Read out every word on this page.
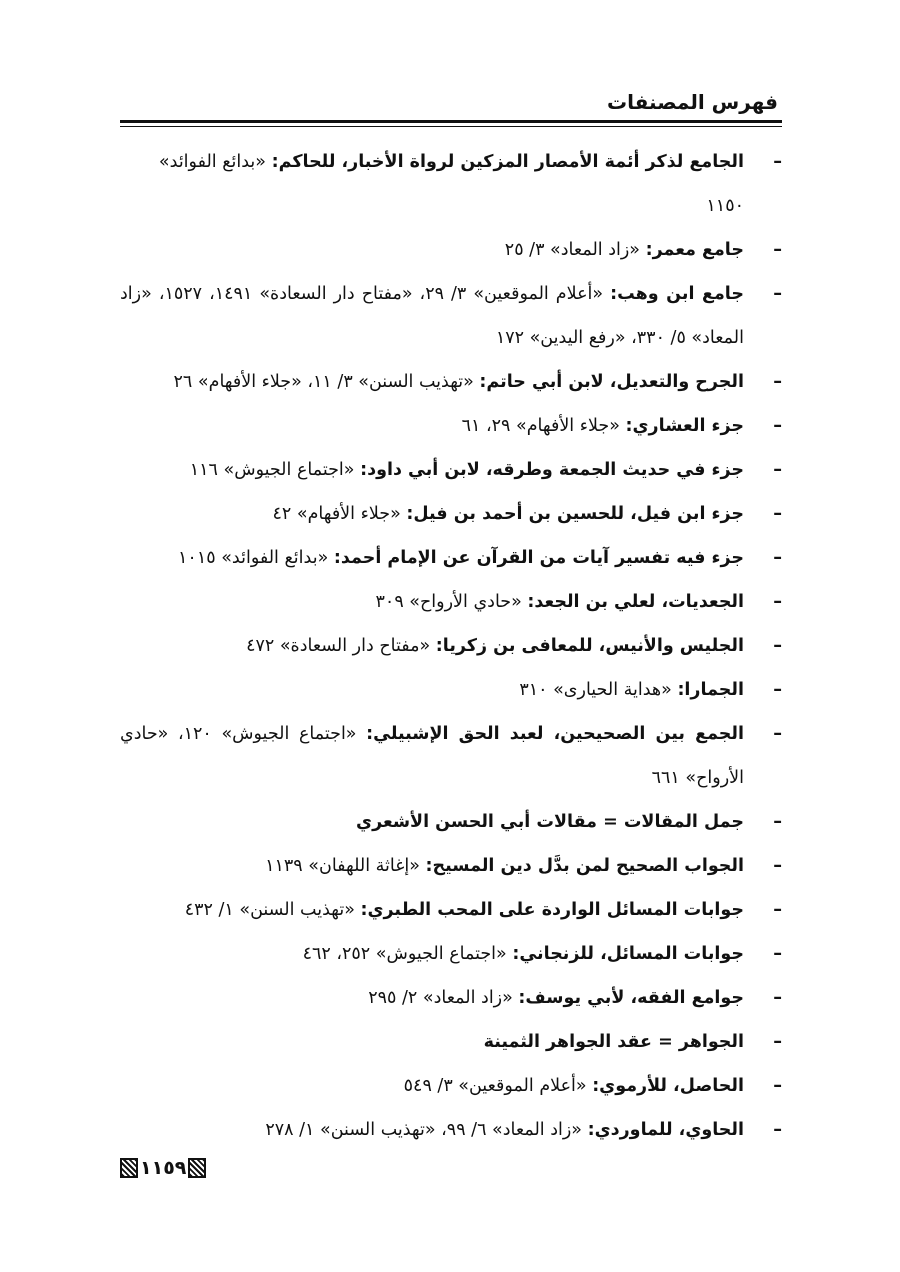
فهرس المصنفات
–
الجامع لذكر أئمة الأمصار المزكين لرواة الأخبار، للحاكم: «بدائع الفوائد» ١١٥٠
–
جامع معمر: «زاد المعاد» ٣/ ٢٥
–
جامع ابن وهب: «أعلام الموقعين» ٣/ ٢٩، «مفتاح دار السعادة» ١٤٩١، ١٥٢٧، «زاد المعاد» ٥/ ٣٣٠، «رفع اليدين» ١٧٢
–
الجرح والتعديل، لابن أبي حاتم: «تهذيب السنن» ٣/ ١١، «جلاء الأفهام» ٢٦
–
جزء العشاري: «جلاء الأفهام» ٢٩، ٦١
–
جزء في حديث الجمعة وطرقه، لابن أبي داود: «اجتماع الجيوش» ١١٦
–
جزء ابن فيل، للحسين بن أحمد بن فيل: «جلاء الأفهام» ٤٢
–
جزء فيه تفسير آيات من القرآن عن الإمام أحمد: «بدائع الفوائد» ١٠١٥
–
الجعديات، لعلي بن الجعد: «حادي الأرواح» ٣٠٩
–
الجليس والأنيس، للمعافى بن زكريا: «مفتاح دار السعادة» ٤٧٢
–
الجمارا: «هداية الحيارى» ٣١٠
–
الجمع بين الصحيحين، لعبد الحق الإشبيلي: «اجتماع الجيوش» ١٢٠، «حادي الأرواح» ٦٦١
–
جمل المقالات = مقالات أبي الحسن الأشعري
–
الجواب الصحيح لمن بدَّل دين المسيح: «إغاثة اللهفان» ١١٣٩
–
جوابات المسائل الواردة على المحب الطبري: «تهذيب السنن» ١/ ٤٣٢
–
جوابات المسائل، للزنجاني: «اجتماع الجيوش» ٢٥٢، ٤٦٢
–
جوامع الفقه، لأبي يوسف: «زاد المعاد» ٢/ ٢٩٥
–
الجواهر = عقد الجواهر الثمينة
–
الحاصل، للأرموي: «أعلام الموقعين» ٣/ ٥٤٩
–
الحاوي، للماوردي: «زاد المعاد» ٦/ ٩٩، «تهذيب السنن» ١/ ٢٧٨
١١٥٩
